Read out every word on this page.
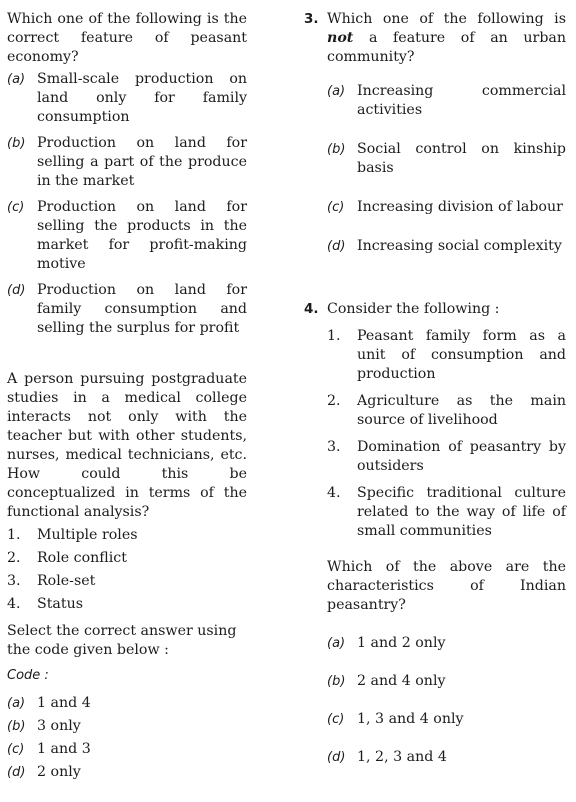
Which one of the following is the correct feature of peasant economy?
(a) Small-scale production on land only for family consumption
(b) Production on land for selling a part of the produce in the market
(c) Production on land for selling the products in the market for profit-making motive
(d) Production on land for family consumption and selling the surplus for profit
A person pursuing postgraduate studies in a medical college interacts not only with the teacher but with other students, nurses, medical technicians, etc. How could this be conceptualized in terms of the functional analysis?
1.	Multiple roles
2.	Role conflict
3.	Role-set
4.	Status
Select the correct answer using the code given below :
Code :
(a) 1 and 4
(b) 3 only
(c) 1 and 3
(d) 2 only
3. Which one of the following is not a feature of an urban community?
(a) Increasing commercial activities
(b) Social control on kinship basis
(c) Increasing division of labour
(d) Increasing social complexity
4. Consider the following :
1.	Peasant family form as a unit of consumption and production
2.	Agriculture as the main source of livelihood
3.	Domination of peasantry by outsiders
4.	Specific traditional culture related to the way of life of small communities
Which of the above are the characteristics of Indian peasantry?
(a) 1 and 2 only
(b) 2 and 4 only
(c) 1, 3 and 4 only
(d) 1, 2, 3 and 4
